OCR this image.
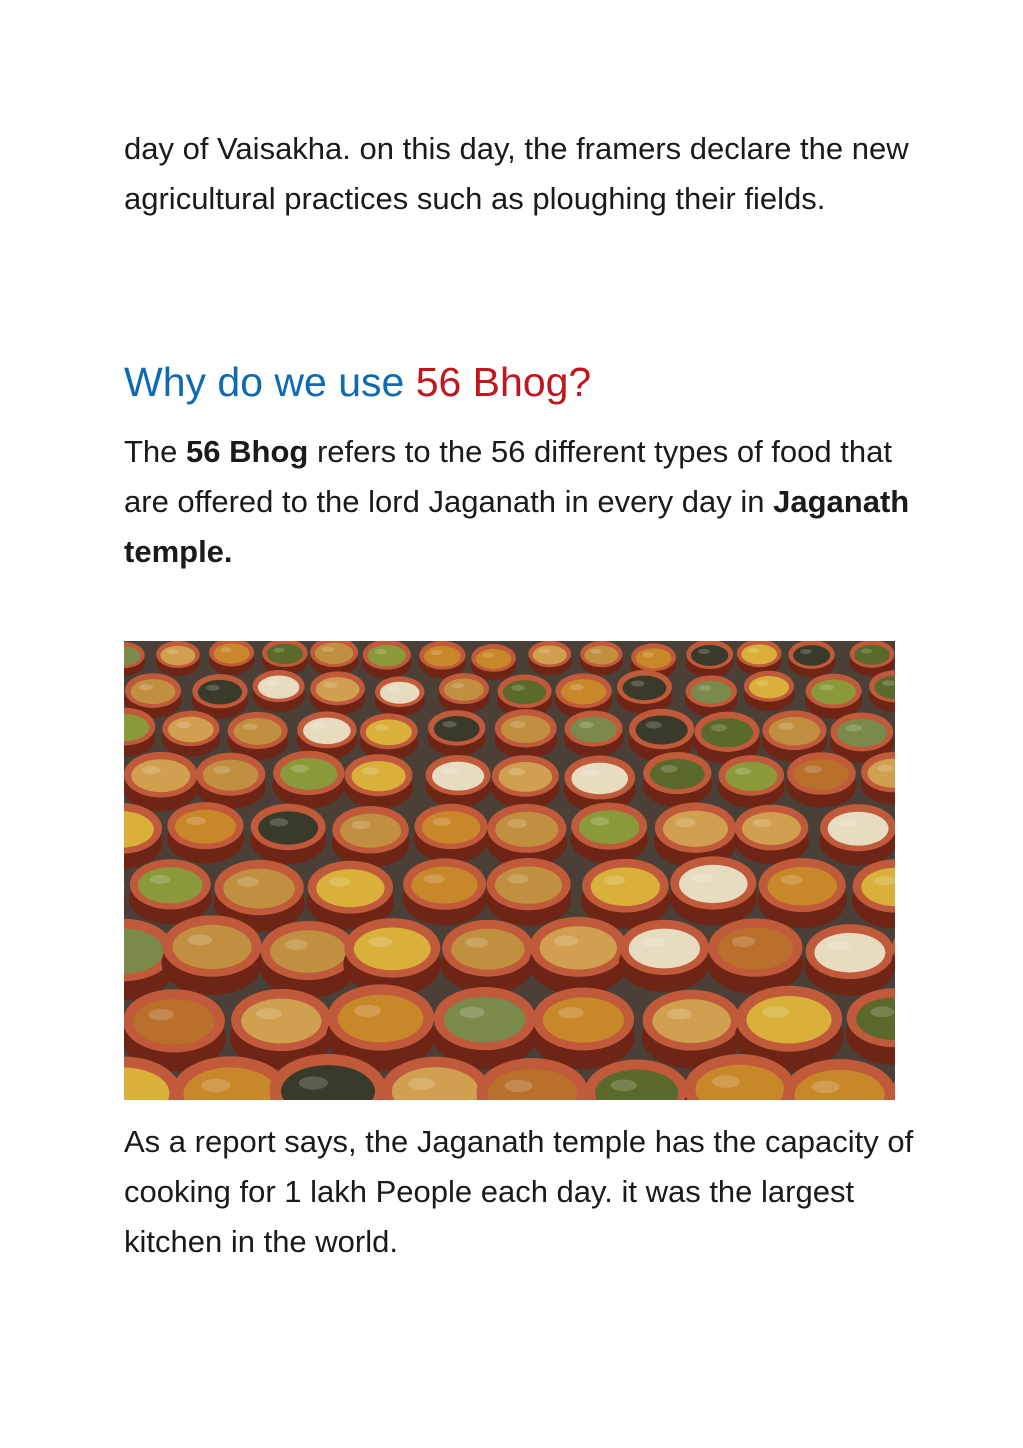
day of Vaisakha. on this day, the framers declare the new agricultural practices such as ploughing their fields.

Why do we use 56 Bhog?

The 56 Bhog refers to the 56 different types of food that are offered to the lord Jaganath in every day in Jaganath temple.

As a report says, the Jaganath temple has the capacity of cooking for 1 lakh People each day. it was the largest kitchen in the world.
